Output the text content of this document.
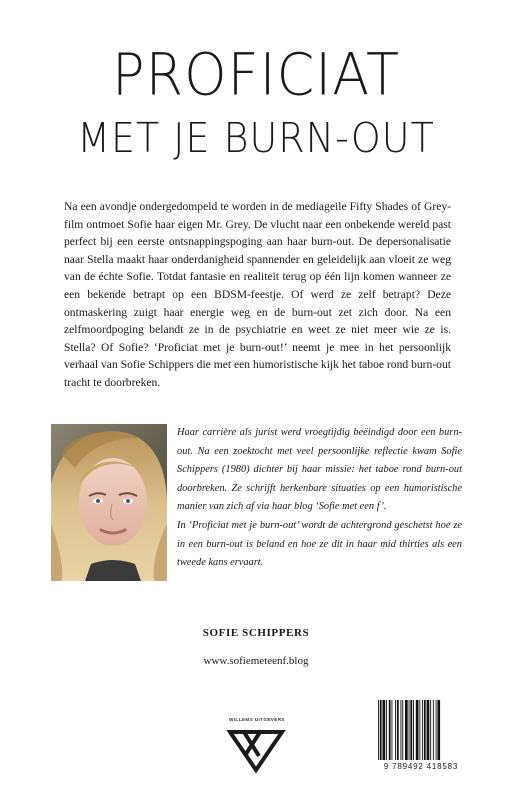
PROFICIAT
MET JE BURN-OUT

Na een avondje ondergedompeld te worden in de mediageile Fifty Shades of Grey-film ontmoet Sofie haar eigen Mr. Grey. De vlucht naar een onbekende wereld past perfect bij een eerste ontsnappingspoging aan haar burn-out. De depersonalisatie naar Stella maakt haar onderdanigheid spannender en geleidelijk aan vloeit ze weg van de échte Sofie. Totdat fantasie en realiteit terug op één lijn komen wanneer ze een bekende betrapt op een BDSM-feestje. Of werd ze zelf betrapt? Deze ontmaskering zuigt haar energie weg en de burn-out zet zich door. Na een zelfmoordpoging belandt ze in de psychiatrie en weet ze niet meer wie ze is. Stella? Of Sofie? ‘Proficiat met je burn-out!’ neemt je mee in het persoonlijk verhaal van Sofie Schippers die met een humoristische kijk het taboe rond burn-out tracht te doorbreken.

Haar carrière als jurist werd vroegtijdig beëindigd door een burn-out. Na een zoektocht met veel persoonlijke reflectie kwam Sofie Schippers (1980) dichter bij haar missie: het taboe rond burn-out doorbreken. Ze schrijft herkenbare situaties op een humoristische manier van zich af via haar blog ‘Sofie met een f’.

In ‘Proficiat met je burn-out’ wordt de achtergrond geschetst hoe ze in een burn-out is beland en hoe ze dit in haar mid thirties als een tweede kans ervaart.

SOFIE SCHIPPERS
www.sofiemeteenf.blog
WILLEMS UITGEVERS
9 789492 418583
